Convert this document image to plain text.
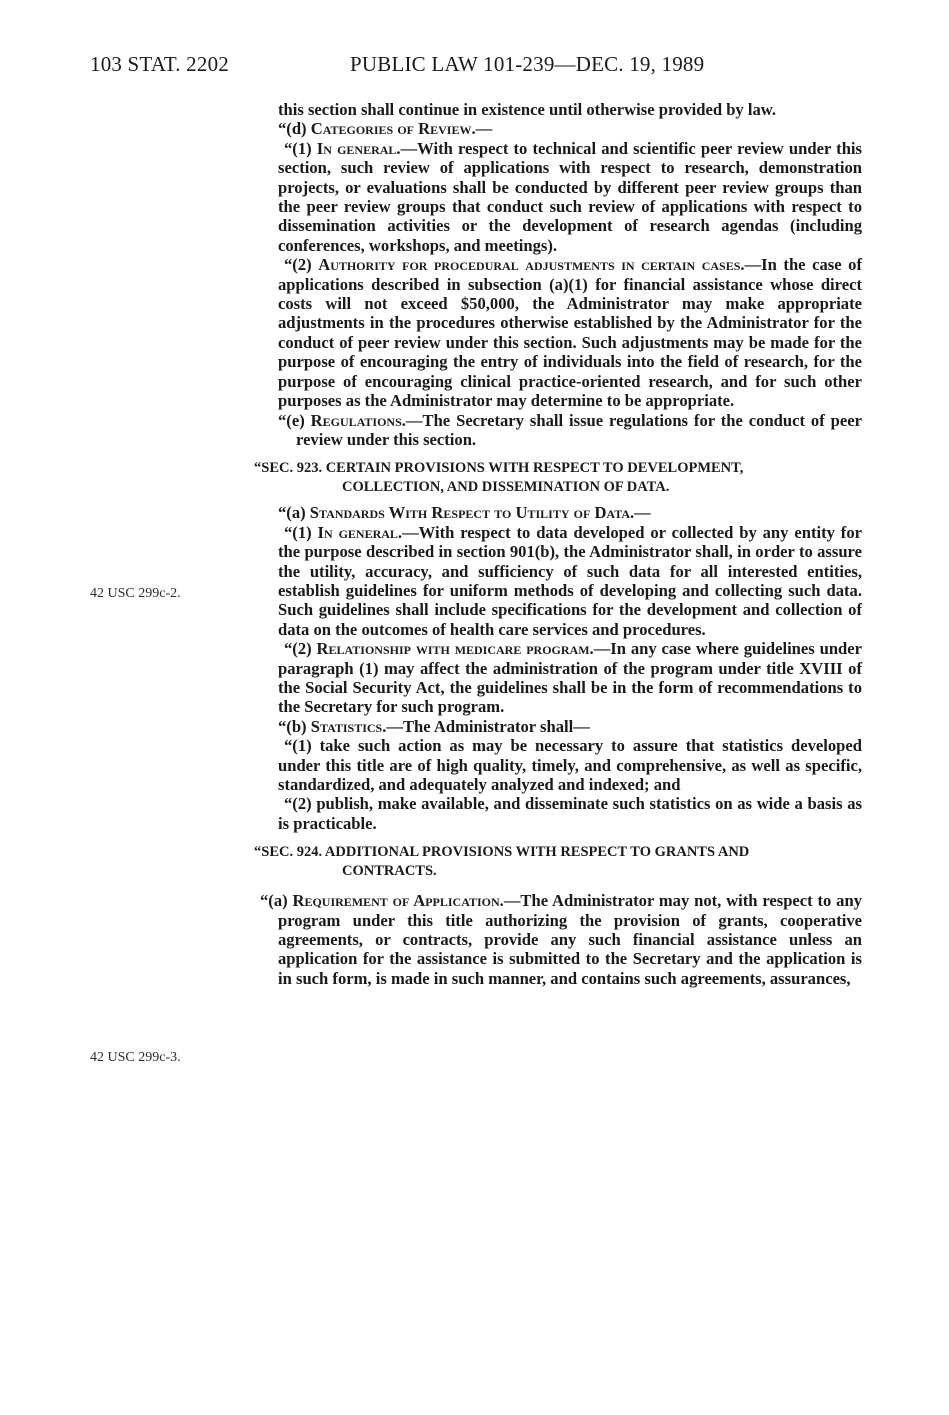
103 STAT. 2202	PUBLIC LAW 101-239—DEC. 19, 1989
42 USC 299c-2.
42 USC 299c-3.

this section shall continue in existence until otherwise provided by law.

“(d) Categories of Review.—

“(1) In general.—With respect to technical and scientific peer review under this section, such review of applications with respect to research, demonstration projects, or evaluations shall be conducted by different peer review groups than the peer review groups that conduct such review of applications with respect to dissemination activities or the development of research agendas (including conferences, workshops, and meetings).

“(2) Authority for procedural adjustments in certain cases.—In the case of applications described in subsection (a)(1) for financial assistance whose direct costs will not exceed $50,000, the Administrator may make appropriate adjustments in the procedures otherwise established by the Administrator for the conduct of peer review under this section. Such adjustments may be made for the purpose of encouraging the entry of individuals into the field of research, for the purpose of encouraging clinical practice-oriented research, and for such other purposes as the Administrator may determine to be appropriate.

“(e) Regulations.—The Secretary shall issue regulations for the conduct of peer review under this section.

“SEC. 923. CERTAIN PROVISIONS WITH RESPECT TO DEVELOPMENT,
COLLECTION, AND DISSEMINATION OF DATA.

“(a) Standards With Respect to Utility of Data.—

“(1) In general.—With respect to data developed or collected by any entity for the purpose described in section 901(b), the Administrator shall, in order to assure the utility, accuracy, and sufficiency of such data for all interested entities, establish guidelines for uniform methods of developing and collecting such data. Such guidelines shall include specifications for the development and collection of data on the outcomes of health care services and procedures.

“(2) Relationship with medicare program.—In any case where guidelines under paragraph (1) may affect the administration of the program under title XVIII of the Social Security Act, the guidelines shall be in the form of recommendations to the Secretary for such program.

“(b) Statistics.—The Administrator shall—

“(1) take such action as may be necessary to assure that statistics developed under this title are of high quality, timely, and comprehensive, as well as specific, standardized, and adequately analyzed and indexed; and

“(2) publish, make available, and disseminate such statistics on as wide a basis as is practicable.

“SEC. 924. ADDITIONAL PROVISIONS WITH RESPECT TO GRANTS AND
CONTRACTS.

“(a) Requirement of Application.—The Administrator may not, with respect to any program under this title authorizing the provision of grants, cooperative agreements, or contracts, provide any such financial assistance unless an application for the assistance is submitted to the Secretary and the application is in such form, is made in such manner, and contains such agreements, assurances,
